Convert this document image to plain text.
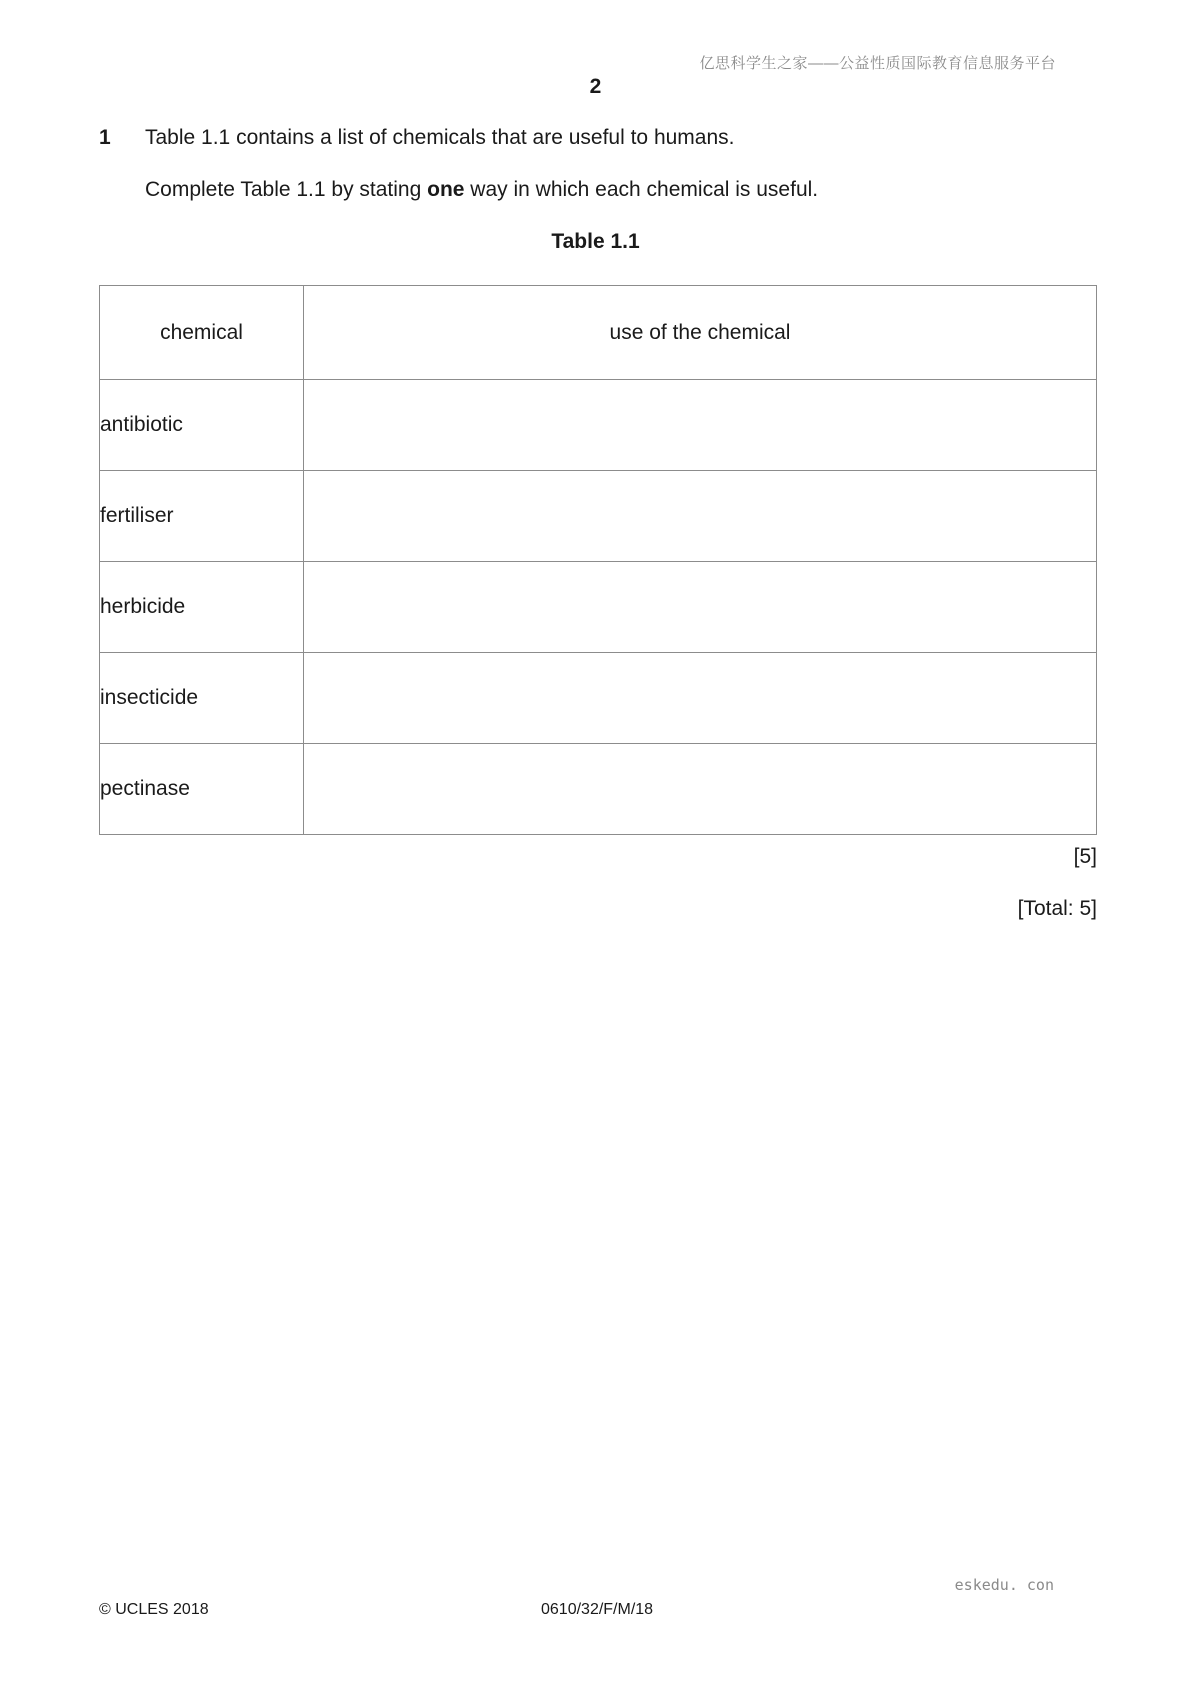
亿思科学生之家——公益性质国际教育信息服务平台
2
1 Table 1.1 contains a list of chemicals that are useful to humans.
Complete Table 1.1 by stating one way in which each chemical is useful.
Table 1.1
chemical	use of the chemical
antibiotic	
fertiliser	
herbicide	
insecticide	
pectinase	
[5]
[Total: 5]
eskedu. con
© UCLES 2018	0610/32/F/M/18
